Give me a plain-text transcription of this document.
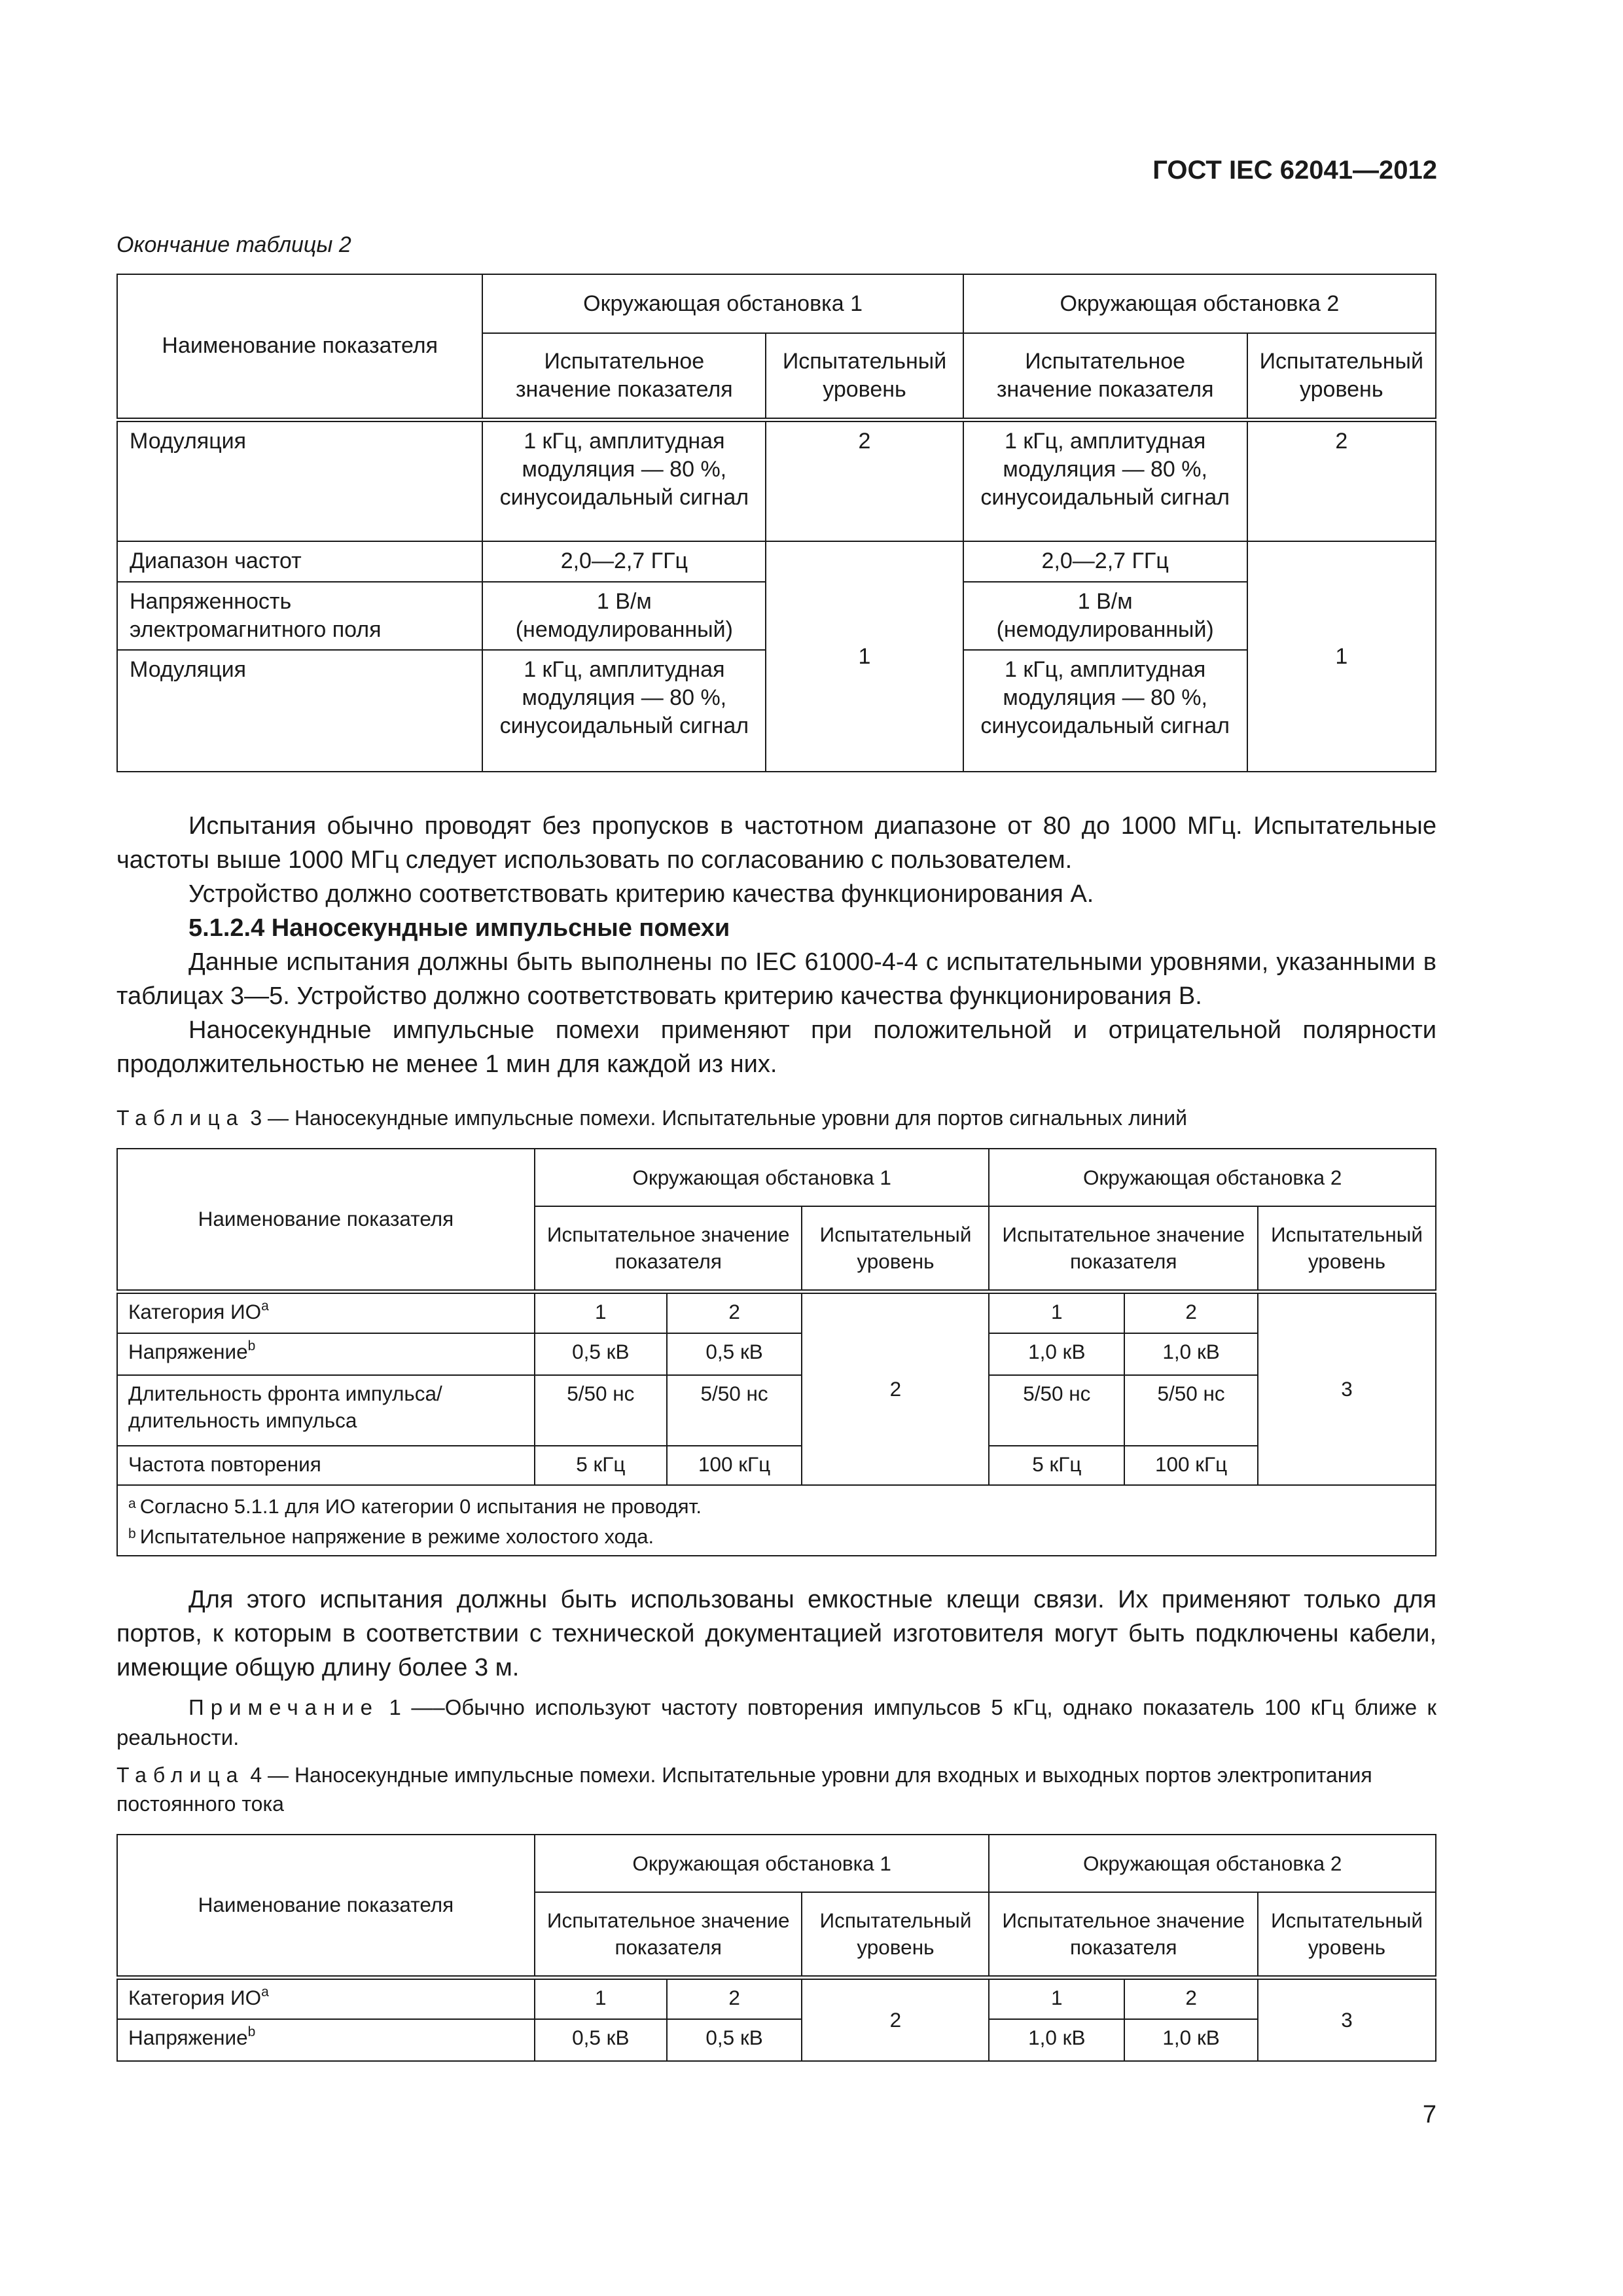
ГОСТ IEC 62041—2012
Окончание таблицы 2
Наименование показателя	Окружающая обстановка 1		Окружающая обстановка 2	
	Испытательное значение показателя	Испытательный уровень	Испытательное значение показателя	Испытательный уровень
Модуляция	1 кГц, амплитудная модуляция — 80 %, синусоидальный сигнал	2	1 кГц, амплитудная модуляция — 80 %, синусоидальный сигнал	2
Диапазон частот	2,0—2,7 ГГц	1	2,0—2,7 ГГц	1
Напряженность электромагнитного поля	1 В/м (немодулированный)		1 В/м (немодулированный)	
Модуляция	1 кГц, амплитудная модуляция — 80 %, синусоидальный сигнал		1 кГц, амплитудная модуляция — 80 %, синусоидальный сигнал	

Испытания обычно проводят без пропусков в частотном диапазоне от 80 до 1000 МГц. Испытательные частоты выше 1000 МГц следует использовать по согласованию с пользователем.

Устройство должно соответствовать критерию качества функционирования А.

5.1.2.4 Наносекундные импульсные помехи

Данные испытания должны быть выполнены по IEC 61000-4-4 с испытательными уровнями, указанными в таблицах 3—5. Устройство должно соответствовать критерию качества функционирования В.

Наносекундные импульсные помехи применяют при положительной и отрицательной полярности продолжительностью не менее 1 мин для каждой из них.

Таблица 3 — Наносекундные импульсные помехи. Испытательные уровни для портов сигнальных линий
Наименование показателя	Окружающая обстановка 1			Окружающая обстановка 2		
	Испытательное значение показателя		Испытательный уровень	Испытательное значение показателя		Испытательный уровень
Категория $ИО^a$	1	2	2	1	2	3
Напряжение$^b$	0,5 кВ	0,5 кВ		1,0 кВ	1,0 кВ	
Длительность фронта импульса/ длительность импульса	5/50 нс	5/50 нс		5/50 нс	5/50 нс	
Частота повторения	5 кГц	100 кГц		5 кГц	100 кГц	

$^a$ Согласно 5.1.1 для ИО категории 0 испытания не проводят.
$^b$ Испытательное напряжение в режиме холостого хода.						

Для этого испытания должны быть использованы емкостные клещи связи. Их применяют только для портов, к которым в соответствии с технической документацией изготовителя могут быть подключены кабели, имеющие общую длину более 3 м.

Примечание 1 —–Обычно используют частоту повторения импульсов 5 кГц, однако показатель 100 кГц ближе к реальности.
Таблица 4 — Наносекундные импульсные помехи. Испытательные уровни для входных и выходных портов электропитания постоянного тока
Наименование показателя	Окружающая обстановка 1			Окружающая обстановка 2		
	Испытательное значение показателя		Испытательный уровень	Испытательное значение показателя		Испытательный уровень
Категория $ИО^a$	1	2	2	1	2	3
Напряжение$^b$	0,5 кВ	0,5 кВ		1,0 кВ	1,0 кВ	
7
